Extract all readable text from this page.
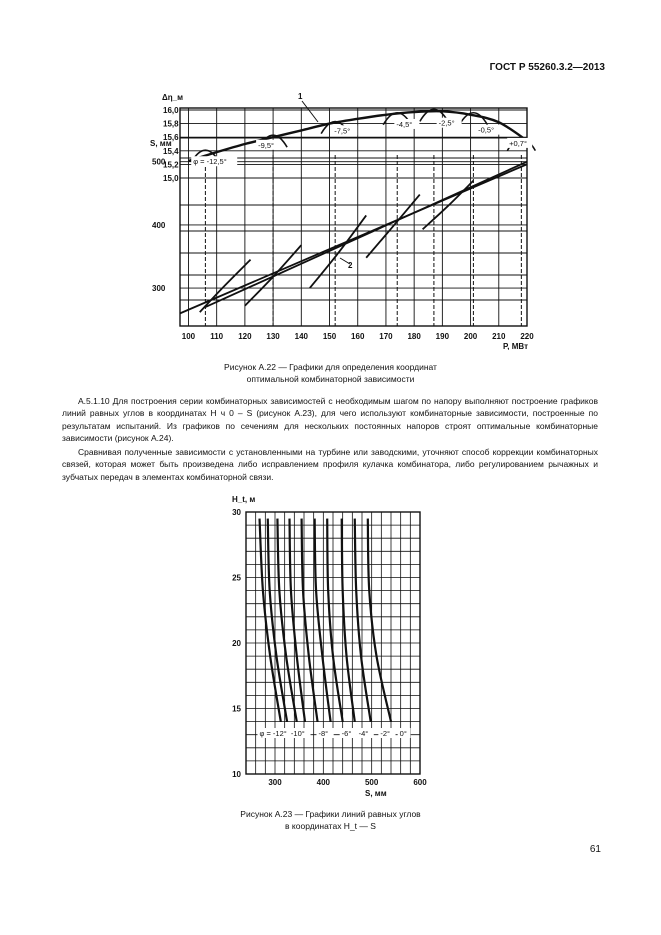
ГОСТ Р 55260.3.2—2013
100 110 120 130 140 150 160 170 180 190 200 210 220
300
400
500
15,0
15,2
15,4
15,6
15,8
16,0
φ = -12,5°
-9,5°
-7,5°
-4,5°	-2,5°
-0,5°
+0,7°
S, мм
Δη_м
P, МВт
1
2
Рисунок А.22 — Графики для определения координат
оптимальной комбинаторной зависимости

А.5.1.10 Для построения серии комбинаторных зависимостей с необходимым шагом по напору выполняют построение графиков линий равных углов в координатах H ч 0 – S (рисунок А.23), для чего используют комбинаторные зависимости, построенные по результатам испытаний. Из графиков по сечениям для нескольких постоянных напоров строят оптимальные комбинаторные зависимости (рисунок А.24).

Сравнивая полученные зависимости с установленными на турбине или заводскими, уточняют способ коррекции комбинаторных связей, которая может быть произведена либо исправлением профиля кулачка комбинатора, либо регулированием рычажных и зубчатых передач в элементах комбинаторной связи.

300	400	500	600
10
15
20
25
30
φ = -12° -10° -8° -6° -4° -2° 0°
H_t, м
S, мм
Рисунок А.23 — Графики линий равных углов
в координатах H_t — S
61
